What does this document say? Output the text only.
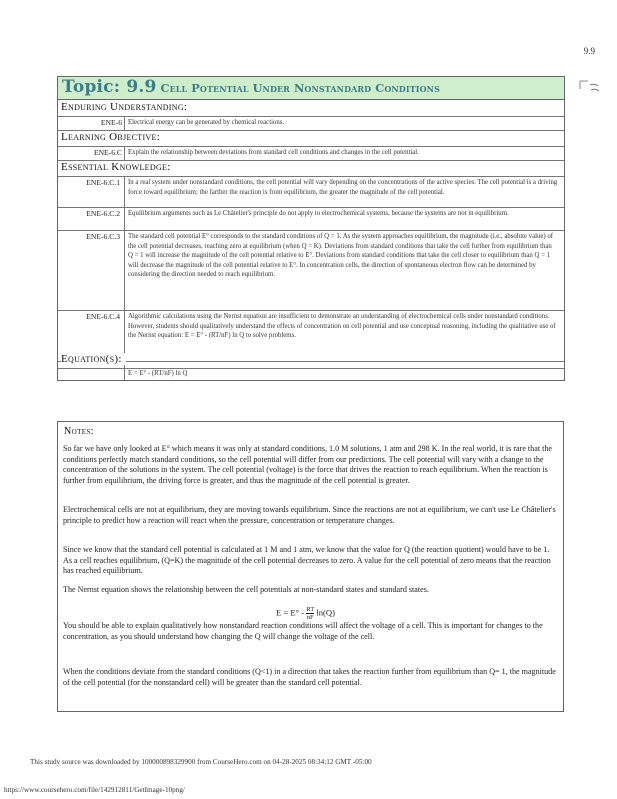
9.9
Topic: 9.9 Cell Potential Under Nonstandard Conditions
Enduring Understanding:
ENE-6 Electrical energy can be generated by chemical reactions.
Learning Objective:
ENE-6.C Explain the relationship between deviations from standard cell conditions and changes in the cell potential.
Essential Knowledge:
ENE-6.C.1 In a real system under nonstandard conditions, the cell potential will vary depending on the concentrations of the active species. The cell potential is a driving force toward equilibrium; the farther the reaction is from equilibrium, the greater the magnitude of the cell potential.
ENE-6.C.2 Equilibrium arguments such as Le Châtelier's principle do not apply to electrochemical systems, because the systems are not in equilibrium.
ENE-6.C.3 The standard cell potential E° corresponds to the standard conditions of Q = 1. As the system approaches equilibrium, the magnitude (i.e., absolute value) of the cell potential decreases, reaching zero at equilibrium (when Q = K). Deviations from standard conditions that take the cell further from equilibrium than Q = 1 will increase the magnitude of the cell potential relative to E°. Deviations from standard conditions that take the cell closer to equilibrium than Q = 1 will decrease the magnitude of the cell potential relative to E°. In concentration cells, the direction of spontaneous electron flow can be determined by considering the direction needed to reach equilibrium.
ENE-6.C.4 Algorithmic calculations using the Nernst equation are insufficient to demonstrate an understanding of electrochemical cells under nonstandard conditions. However, students should qualitatively understand the effects of concentration on cell potential and use conceptual reasoning, including the qualitative use of the Nernst equation: E = E° - (RT/nF) ln Q to solve problems.
Equation(s):
E = E° - (RT/nF) ln Q
Notes:
So far we have only looked at E° which means it was only at standard conditions, 1.0 M solutions, 1 atm and 298 K. In the real world, it is rare that the conditions perfectly match standard conditions, so the cell potential will differ from our predictions. The cell potential will vary with a change to the concentration of the solutions in the system. The cell potential (voltage) is the force that drives the reaction to reach equilibrium. When the reaction is further from equilibrium, the driving force is greater, and thus the magnitude of the cell potential is greater.
Electrochemical cells are not at equilibrium, they are moving towards equilibrium. Since the reactions are not at equilibrium, we can't use Le Châtelier's principle to predict how a reaction will react when the pressure, concentration or temperature changes.
Since we know that the standard cell potential is calculated at 1 M and 1 atm, we know that the value for Q (the reaction quotient) would have to be 1. As a cell reaches equilibrium, (Q=K) the magnitude of the cell potential decreases to zero. A value for the cell potential of zero means that the reaction has reached equilibrium.
The Nernst equation shows the relationship between the cell potentials at non-standard states and standard states.
$E = E^\circ - \frac{RT}{nF} \ln(Q)$
You should be able to explain qualitatively how nonstandard reaction conditions will affect the voltage of a cell. This is important for changes to the concentration, as you should understand how changing the Q will change the voltage of the cell.
When the conditions deviate from the standard conditions (Q<1) in a direction that takes the reaction further from equilibrium than Q= 1, the magnitude of the cell potential (for the nonstandard cell) will be greater than the standard cell potential.
This study source was downloaded by 100000898329900 from CourseHero.com on 04-28-2025 08:34:12 GMT -05:00
https://www.coursehero.com/file/142912811/GetImage-10png/
